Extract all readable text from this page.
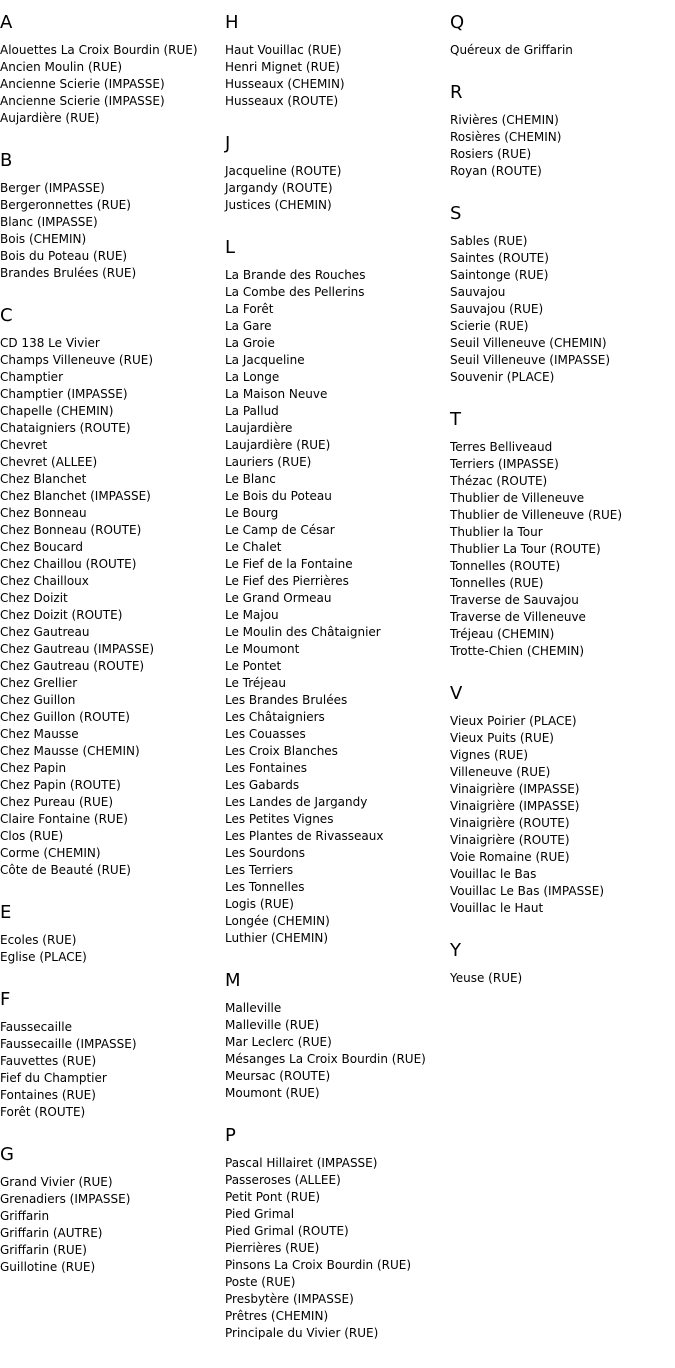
A
Alouettes La Croix Bourdin (RUE)
Ancien Moulin (RUE)
Ancienne Scierie (IMPASSE)
Ancienne Scierie (IMPASSE)
Aujardière (RUE)
B
Berger (IMPASSE)
Bergeronnettes (RUE)
Blanc (IMPASSE)
Bois (CHEMIN)
Bois du Poteau (RUE)
Brandes Brulées (RUE)
C
CD 138 Le Vivier
Champs Villeneuve (RUE)
Champtier
Champtier (IMPASSE)
Chapelle (CHEMIN)
Chataigniers (ROUTE)
Chevret
Chevret (ALLEE)
Chez Blanchet
Chez Blanchet (IMPASSE)
Chez Bonneau
Chez Bonneau (ROUTE)
Chez Boucard
Chez Chaillou (ROUTE)
Chez Chailloux
Chez Doizit
Chez Doizit (ROUTE)
Chez Gautreau
Chez Gautreau (IMPASSE)
Chez Gautreau (ROUTE)
Chez Grellier
Chez Guillon
Chez Guillon (ROUTE)
Chez Mausse
Chez Mausse (CHEMIN)
Chez Papin
Chez Papin (ROUTE)
Chez Pureau (RUE)
Claire Fontaine (RUE)
Clos (RUE)
Corme (CHEMIN)
Côte de Beauté (RUE)
E
Ecoles (RUE)
Eglise (PLACE)
F
Faussecaille
Faussecaille (IMPASSE)
Fauvettes (RUE)
Fief du Champtier
Fontaines (RUE)
Forêt (ROUTE)
G
Grand Vivier (RUE)
Grenadiers (IMPASSE)
Griffarin
Griffarin (AUTRE)
Griffarin (RUE)
Guillotine (RUE)
H
Haut Vouillac (RUE)
Henri Mignet (RUE)
Husseaux (CHEMIN)
Husseaux (ROUTE)
J
Jacqueline (ROUTE)
Jargandy (ROUTE)
Justices (CHEMIN)
L
La Brande des Rouches
La Combe des Pellerins
La Forêt
La Gare
La Groie
La Jacqueline
La Longe
La Maison Neuve
La Pallud
Laujardière
Laujardière (RUE)
Lauriers (RUE)
Le Blanc
Le Bois du Poteau
Le Bourg
Le Camp de César
Le Chalet
Le Fief de la Fontaine
Le Fief des Pierrières
Le Grand Ormeau
Le Majou
Le Moulin des Châtaignier
Le Moumont
Le Pontet
Le Tréjeau
Les Brandes Brulées
Les Châtaigniers
Les Couasses
Les Croix Blanches
Les Fontaines
Les Gabards
Les Landes de Jargandy
Les Petites Vignes
Les Plantes de Rivasseaux
Les Sourdons
Les Terriers
Les Tonnelles
Logis (RUE)
Longée (CHEMIN)
Luthier (CHEMIN)
M
Malleville
Malleville (RUE)
Mar Leclerc (RUE)
Mésanges La Croix Bourdin (RUE)
Meursac (ROUTE)
Moumont (RUE)
P
Pascal Hillairet (IMPASSE)
Passeroses (ALLEE)
Petit Pont (RUE)
Pied Grimal
Pied Grimal (ROUTE)
Pierrières (RUE)
Pinsons La Croix Bourdin (RUE)
Poste (RUE)
Presbytère (IMPASSE)
Prêtres (CHEMIN)
Principale du Vivier (RUE)
Q
Quéreux de Griffarin
R
Rivières (CHEMIN)
Rosières (CHEMIN)
Rosiers (RUE)
Royan (ROUTE)
S
Sables (RUE)
Saintes (ROUTE)
Saintonge (RUE)
Sauvajou
Sauvajou (RUE)
Scierie (RUE)
Seuil Villeneuve (CHEMIN)
Seuil Villeneuve (IMPASSE)
Souvenir (PLACE)
T
Terres Belliveaud
Terriers (IMPASSE)
Thézac (ROUTE)
Thublier de Villeneuve
Thublier de Villeneuve (RUE)
Thublier la Tour
Thublier La Tour (ROUTE)
Tonnelles (ROUTE)
Tonnelles (RUE)
Traverse de Sauvajou
Traverse de Villeneuve
Tréjeau (CHEMIN)
Trotte-Chien (CHEMIN)
V
Vieux Poirier (PLACE)
Vieux Puits (RUE)
Vignes (RUE)
Villeneuve (RUE)
Vinaigrière (IMPASSE)
Vinaigrière (IMPASSE)
Vinaigrière (ROUTE)
Vinaigrière (ROUTE)
Voie Romaine (RUE)
Vouillac le Bas
Vouillac Le Bas (IMPASSE)
Vouillac le Haut
Y
Yeuse (RUE)
